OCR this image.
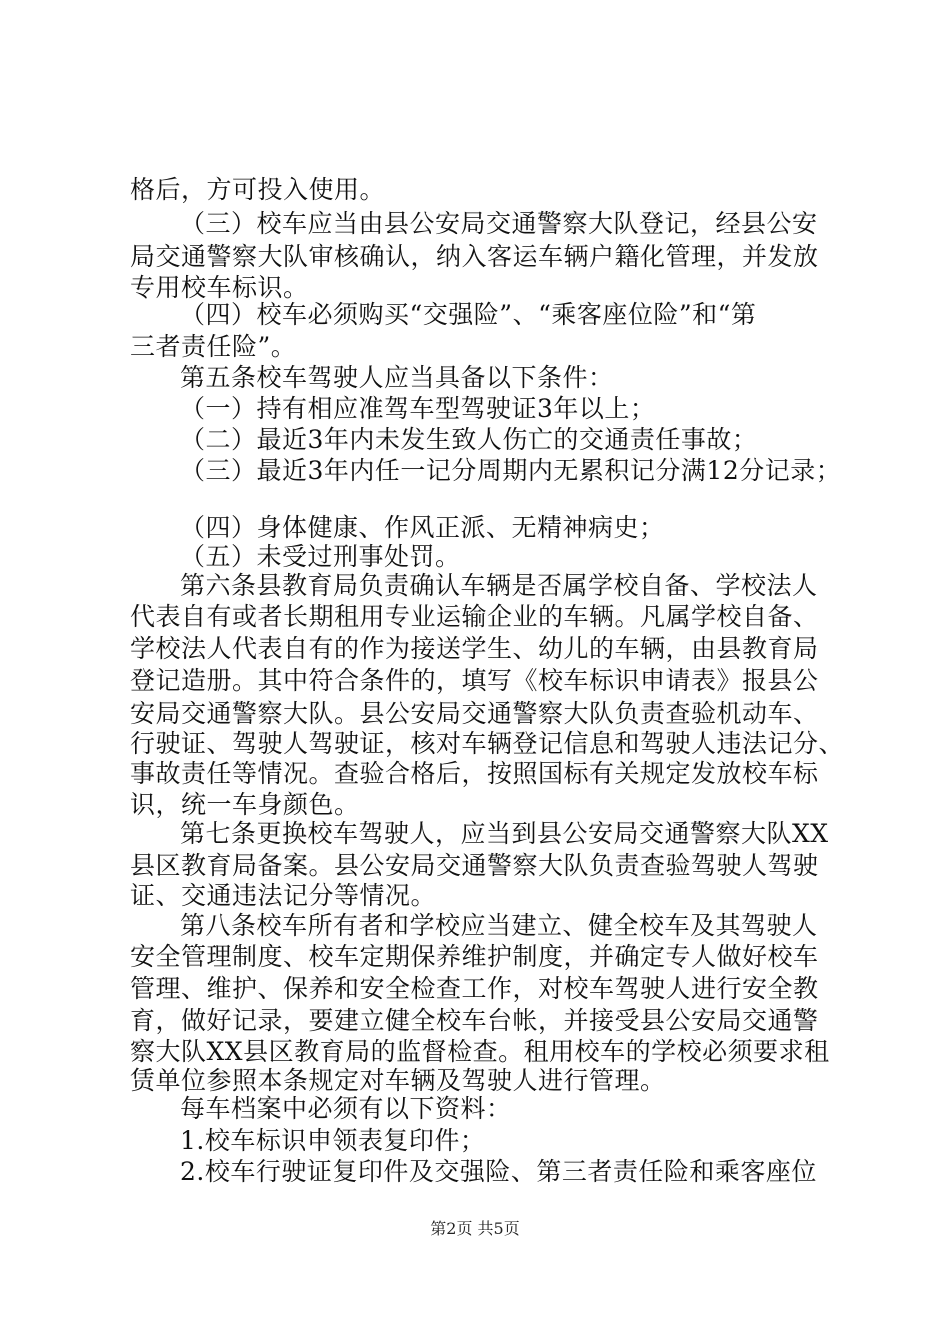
格后，方可投入使用。
（三）校车应当由县公安局交通警察大队登记，经县公安
局交通警察大队审核确认，纳入客运车辆户籍化管理，并发放
专用校车标识。
（四）校车必须购买“交强险”、“乘客座位险”和“第
三者责任险”。
第五条校车驾驶人应当具备以下条件：
（一）持有相应准驾车型驾驶证3年以上；
（二）最近3年内未发生致人伤亡的交通责任事故；
（三）最近3年内任一记分周期内无累积记分满12分记录；
（四）身体健康、作风正派、无精神病史；
（五）未受过刑事处罚。
第六条县教育局负责确认车辆是否属学校自备、学校法人
代表自有或者长期租用专业运输企业的车辆。凡属学校自备、
学校法人代表自有的作为接送学生、幼儿的车辆，由县教育局
登记造册。其中符合条件的，填写《校车标识申请表》报县公
安局交通警察大队。县公安局交通警察大队负责查验机动车、
行驶证、驾驶人驾驶证，核对车辆登记信息和驾驶人违法记分、
事故责任等情况。查验合格后，按照国标有关规定发放校车标
识，统一车身颜色。
第七条更换校车驾驶人，应当到县公安局交通警察大队XX
县区教育局备案。县公安局交通警察大队负责查验驾驶人驾驶
证、交通违法记分等情况。
第八条校车所有者和学校应当建立、健全校车及其驾驶人
安全管理制度、校车定期保养维护制度，并确定专人做好校车
管理、维护、保养和安全检查工作，对校车驾驶人进行安全教
育，做好记录，要建立健全校车台帐，并接受县公安局交通警
察大队XX县区教育局的监督检查。租用校车的学校必须要求租
赁单位参照本条规定对车辆及驾驶人进行管理。
每车档案中必须有以下资料：
1.校车标识申领表复印件；
2.校车行驶证复印件及交强险、第三者责任险和乘客座位
第2页 共5页
